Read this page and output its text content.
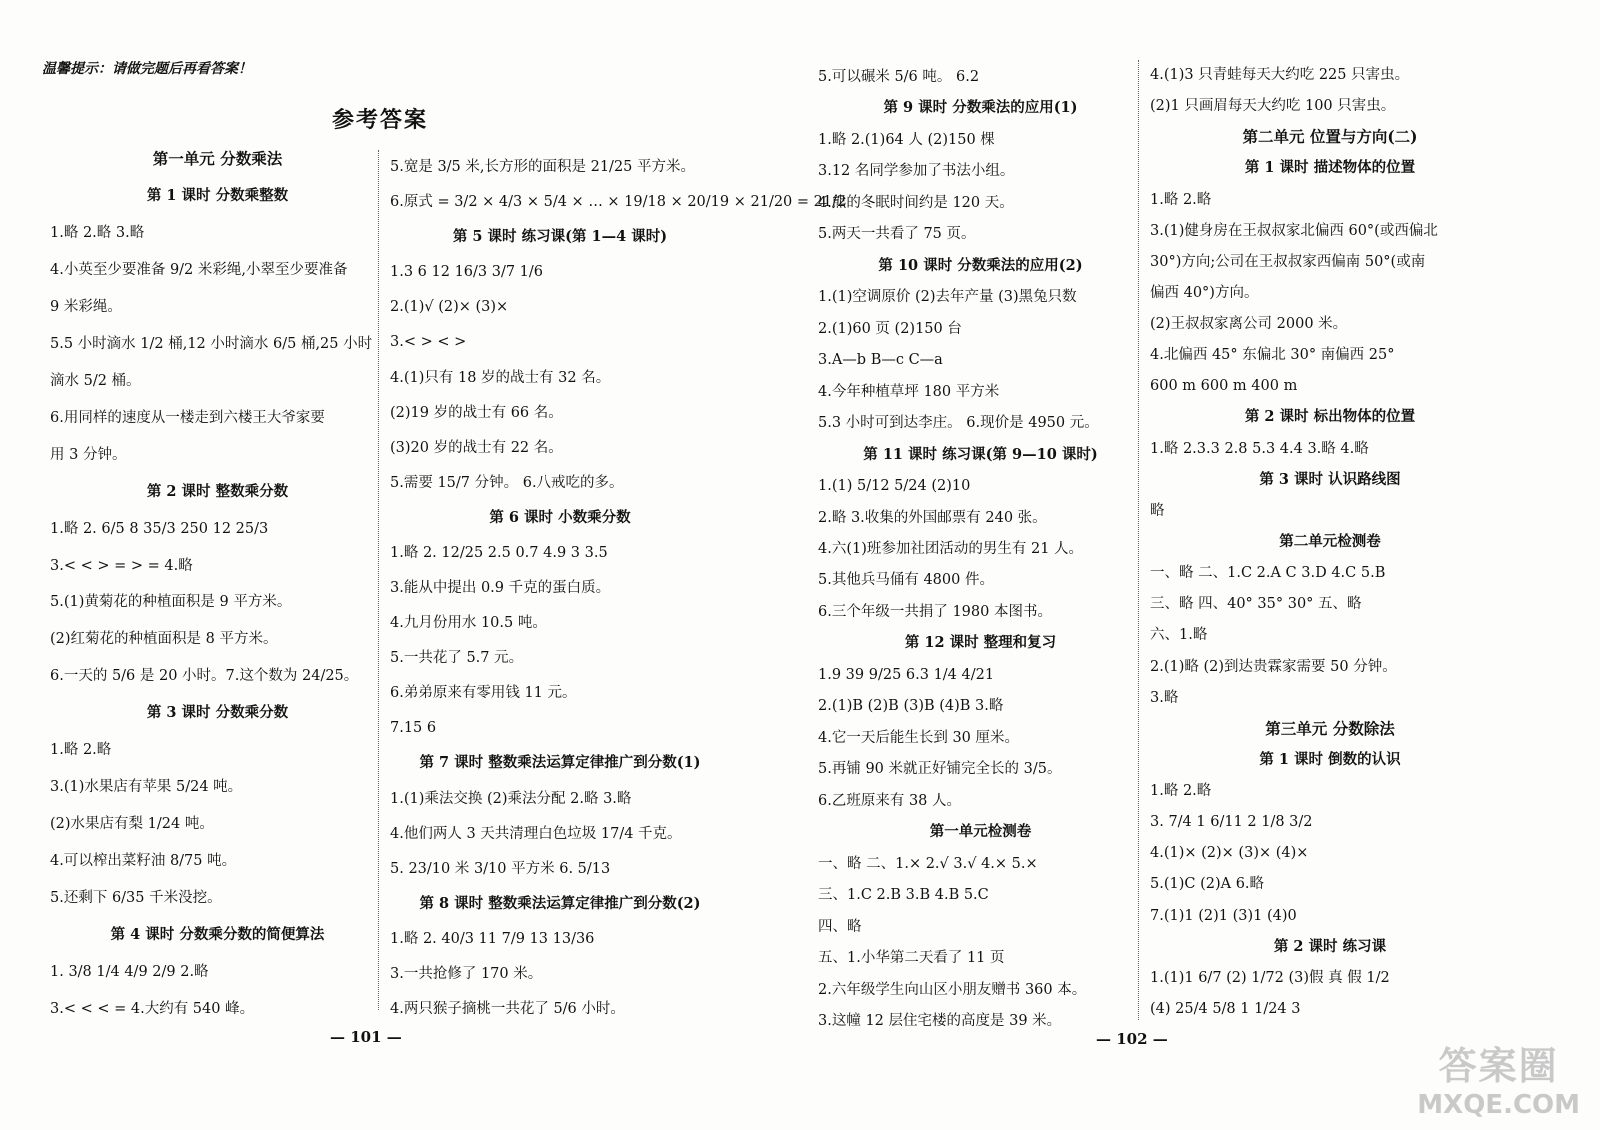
温馨提示：请做完题后再看答案！
参考答案
第一单元 分数乘法
第 1 课时 分数乘整数
1.略 2.略 3.略
4.小英至少要准备 9/2 米彩绳,小翠至少要准备
9 米彩绳。
5.5 小时滴水 1/2 桶,12 小时滴水 6/5 桶,25 小时
滴水 5/2 桶。
6.用同样的速度从一楼走到六楼王大爷家要
用 3 分钟。
第 2 课时 整数乘分数
1.略 2. 6/5 8 35/3 250 12 25/3
3.< < > = > = 4.略
5.(1)黄菊花的种植面积是 9 平方米。
(2)红菊花的种植面积是 8 平方米。
6.一天的 5/6 是 20 小时。7.这个数为 24/25。
第 3 课时 分数乘分数
1.略 2.略
3.(1)水果店有苹果 5/24 吨。
(2)水果店有梨 1/24 吨。
4.可以榨出菜籽油 8/75 吨。
5.还剩下 6/35 千米没挖。
第 4 课时 分数乘分数的简便算法
1. 3/8 1/4 4/9 2/9 2.略
3.< < < = 4.大约有 540 峰。
5.宽是 3/5 米,长方形的面积是 21/25 平方米。
6.原式 = 3/2 × 4/3 × 5/4 × … × 19/18 × 20/19 × 21/20 = 21/2
第 5 课时 练习课(第 1—4 课时)
1.3 6 12 16/3 3/7 1/6
2.(1)√ (2)× (3)×
3.< > < >
4.(1)只有 18 岁的战士有 32 名。
(2)19 岁的战士有 66 名。
(3)20 岁的战士有 22 名。
5.需要 15/7 分钟。 6.八戒吃的多。
第 6 课时 小数乘分数
1.略 2. 12/25 2.5 0.7 4.9 3 3.5
3.能从中提出 0.9 千克的蛋白质。
4.九月份用水 10.5 吨。
5.一共花了 5.7 元。
6.弟弟原来有零用钱 11 元。
7.15 6
第 7 课时 整数乘法运算定律推广到分数(1)
1.(1)乘法交换 (2)乘法分配 2.略 3.略
4.他们两人 3 天共清理白色垃圾 17/4 千克。
5. 23/10 米 3/10 平方米 6. 5/13
第 8 课时 整数乘法运算定律推广到分数(2)
1.略 2. 40/3 11 7/9 13 13/36
3.一共抢修了 170 米。
4.两只猴子摘桃一共花了 5/6 小时。
— 101 —
5.可以碾米 5/6 吨。 6.2
第 9 课时 分数乘法的应用(1)
1.略 2.(1)64 人 (2)150 棵
3.12 名同学参加了书法小组。
4.熊的冬眠时间约是 120 天。
5.两天一共看了 75 页。
第 10 课时 分数乘法的应用(2)
1.(1)空调原价 (2)去年产量 (3)黑兔只数
2.(1)60 页 (2)150 台
3.A—b B—c C—a
4.今年种植草坪 180 平方米
5.3 小时可到达李庄。 6.现价是 4950 元。
第 11 课时 练习课(第 9—10 课时)
1.(1) 5/12 5/24 (2)10
2.略 3.收集的外国邮票有 240 张。
4.六(1)班参加社团活动的男生有 21 人。
5.其他兵马俑有 4800 件。
6.三个年级一共捐了 1980 本图书。
第 12 课时 整理和复习
1.9 39 9/25 6.3 1/4 4/21
2.(1)B (2)B (3)B (4)B 3.略
4.它一天后能生长到 30 厘米。
5.再铺 90 米就正好铺完全长的 3/5。
6.乙班原来有 38 人。
第一单元检测卷
一、略 二、1.× 2.√ 3.√ 4.× 5.×
三、1.C 2.B 3.B 4.B 5.C
四、略
五、1.小华第二天看了 11 页
2.六年级学生向山区小朋友赠书 360 本。
3.这幢 12 层住宅楼的高度是 39 米。
4.(1)3 只青蛙每天大约吃 225 只害虫。
(2)1 只画眉每天大约吃 100 只害虫。
第二单元 位置与方向(二)
第 1 课时 描述物体的位置
1.略 2.略
3.(1)健身房在王叔叔家北偏西 60°(或西偏北
30°)方向;公司在王叔叔家西偏南 50°(或南
偏西 40°)方向。
(2)王叔叔家离公司 2000 米。
4.北偏西 45° 东偏北 30° 南偏西 25°
600 m 600 m 400 m
第 2 课时 标出物体的位置
1.略 2.3.3 2.8 5.3 4.4 3.略 4.略
第 3 课时 认识路线图
略
第二单元检测卷
一、略 二、1.C 2.A C 3.D 4.C 5.B
三、略 四、40° 35° 30° 五、略
六、1.略
2.(1)略 (2)到达贵霖家需要 50 分钟。
3.略
第三单元 分数除法
第 1 课时 倒数的认识
1.略 2.略
3. 7/4 1 6/11 2 1/8 3/2
4.(1)× (2)× (3)× (4)×
5.(1)C (2)A 6.略
7.(1)1 (2)1 (3)1 (4)0
第 2 课时 练习课
1.(1)1 6/7 (2) 1/72 (3)假 真 假 1/2
(4) 25/4 5/8 1 1/24 3
— 102 —
答案圈
MXQE.COM
